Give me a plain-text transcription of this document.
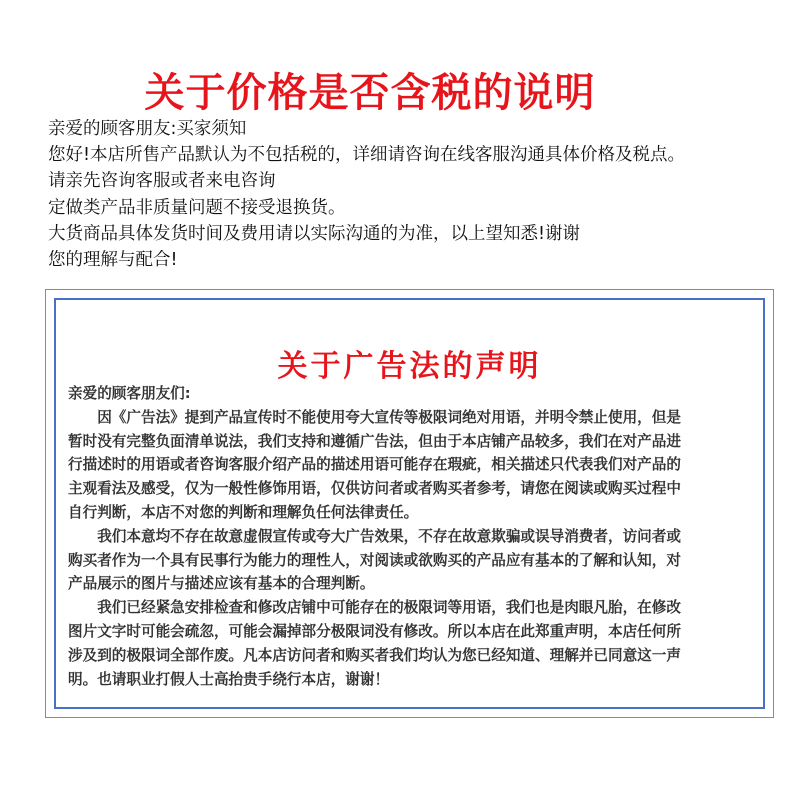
关于价格是否含税的说明
亲爱的顾客朋友:买家须知
您好!本店所售产品默认为不包括税的，详细请咨询在线客服沟通具体价格及税点。
请亲先咨询客服或者来电咨询
定做类产品非质量问题不接受退换货。
大货商品具体发货时间及费用请以实际沟通的为准，以上望知悉!谢谢
您的理解与配合!
关于广告法的声明
亲爱的顾客朋友们:
　　因《广告法》提到产品宣传时不能使用夸大宣传等极限词绝对用语，并明令禁止使用，但是
暂时没有完整负面清单说法，我们支持和遵循广告法，但由于本店铺产品较多，我们在对产品进
行描述时的用语或者咨询客服介绍产品的描述用语可能存在瑕疵，相关描述只代表我们对产品的
主观看法及感受，仅为一般性修饰用语，仅供访问者或者购买者参考，请您在阅读或购买过程中
自行判断，本店不对您的判断和理解负任何法律责任。
　　我们本意均不存在故意虚假宣传或夸大广告效果，不存在故意欺骗或误导消费者，访问者或
购买者作为一个具有民事行为能力的理性人，对阅读或欲购买的产品应有基本的了解和认知，对
产品展示的图片与描述应该有基本的合理判断。
　　我们已经紧急安排检查和修改店铺中可能存在的极限词等用语，我们也是肉眼凡胎，在修改
图片文字时可能会疏忽，可能会漏掉部分极限词没有修改。所以本店在此郑重声明，本店任何所
涉及到的极限词全部作废。凡本店访问者和购买者我们均认为您已经知道、理解并已同意这一声
明。也请职业打假人士高抬贵手绕行本店，谢谢！
